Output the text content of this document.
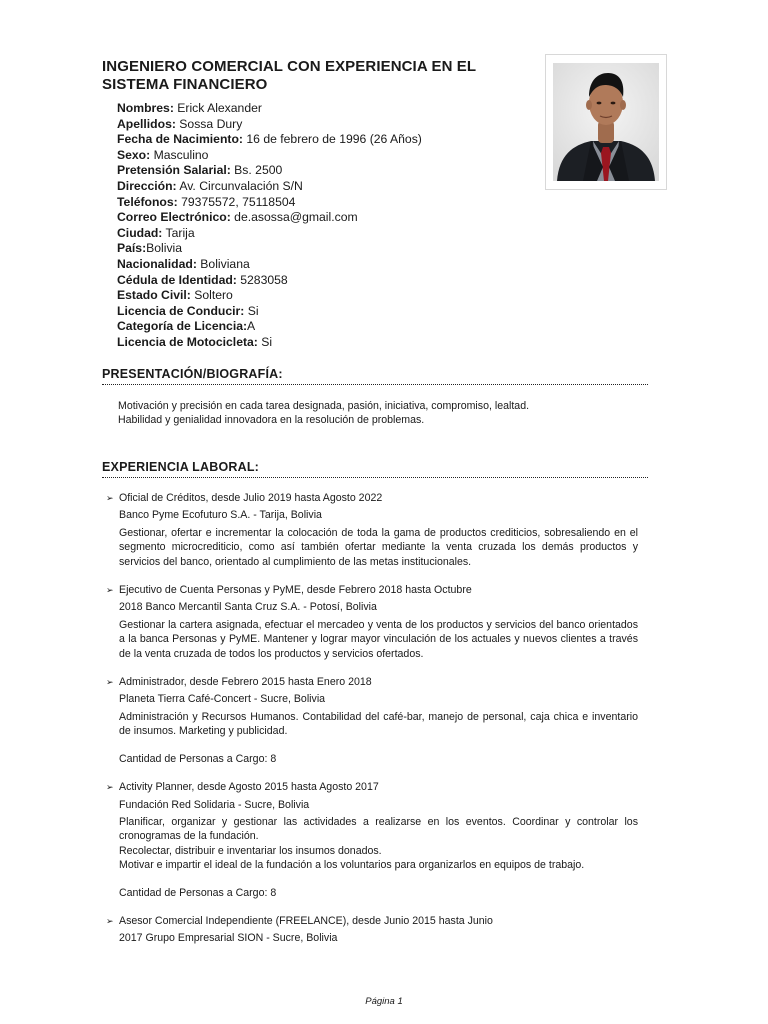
INGENIERO COMERCIAL CON EXPERIENCIA EN EL
SISTEMA FINANCIERO
Nombres: Erick Alexander
Apellidos: Sossa Dury
Fecha de Nacimiento: 16 de febrero de 1996 (26 Años)
Sexo: Masculino
Pretensión Salarial: Bs. 2500
Dirección: Av. Circunvalación S/N
Teléfonos: 79375572, 75118504
Correo Electrónico: de.asossa@gmail.com
Ciudad: Tarija
País:Bolivia
Nacionalidad: Boliviana
Cédula de Identidad: 5283058
Estado Civil: Soltero
Licencia de Conducir: Si
Categoría de Licencia:A
Licencia de Motocicleta: Si
PRESENTACIÓN/BIOGRAFÍA:
Motivación y precisión en cada tarea designada, pasión, iniciativa, compromiso, lealtad.
Habilidad y genialidad innovadora en la resolución de problemas.
EXPERIENCIA LABORAL:
➢ Oficial de Créditos, desde Julio 2019 hasta Agosto 2022
Banco Pyme Ecofuturo S.A. - Tarija, Bolivia

Gestionar, ofertar e incrementar la colocación de toda la gama de productos crediticios, sobresaliendo en el segmento microcrediticio, como así también ofertar mediante la venta cruzada los demás productos y servicios del banco, orientado al cumplimiento de las metas institucionales.

➢ Ejecutivo de Cuenta Personas y PyME, desde Febrero 2018 hasta Octubre
2018 Banco Mercantil Santa Cruz S.A. - Potosí, Bolivia

Gestionar la cartera asignada, efectuar el mercadeo y venta de los productos y servicios del banco orientados a la banca Personas y PyME. Mantener y lograr mayor vinculación de los actuales y nuevos clientes a través de la venta cruzada de todos los productos y servicios ofertados.

➢ Administrador, desde Febrero 2015 hasta Enero 2018
Planeta Tierra Café-Concert - Sucre, Bolivia

Administración y Recursos Humanos. Contabilidad del café-bar, manejo de personal, caja chica e inventario de insumos. Marketing y publicidad.

Cantidad de Personas a Cargo: 8
➢ Activity Planner, desde Agosto 2015 hasta Agosto 2017
Fundación Red Solidaria - Sucre, Bolivia

Planificar, organizar y gestionar las actividades a realizarse en los eventos. Coordinar y controlar los cronogramas de la fundación.

Recolectar, distribuir e inventariar los insumos donados.

Motivar e impartir el ideal de la fundación a los voluntarios para organizarlos en equipos de trabajo.

Cantidad de Personas a Cargo: 8
➢ Asesor Comercial Independiente (FREELANCE), desde Junio 2015 hasta Junio
2017 Grupo Empresarial SION - Sucre, Bolivia
Página 1
